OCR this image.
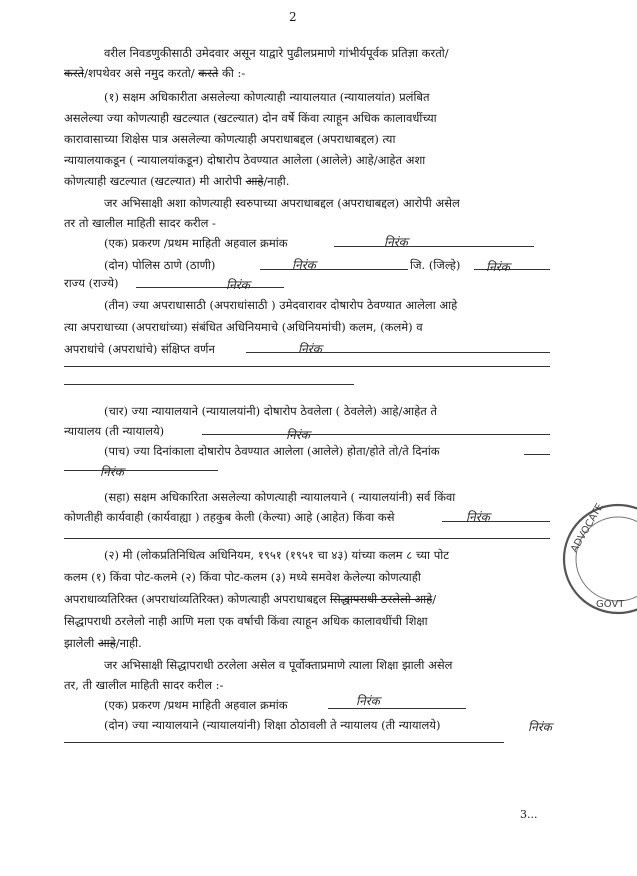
2
वरील निवडणुकीसाठी उमेदवार असून याद्वारे पुढीलप्रमाणे गांभीर्यपूर्वक प्रतिज्ञा करतो/
करते/शपथेवर असे नमुद करतो/ करते की :-
(१) सक्षम अधिकारीता असलेल्या कोणत्याही न्यायालयात (न्यायालयांत) प्रलंबित
असलेल्या ज्या कोणत्याही खटल्यात (खटल्यात) दोन वर्षे किंवा त्याहून अधिक कालावधींच्या
कारावासाच्या शिक्षेस पात्र असलेल्या कोणत्याही अपराधाबद्दल (अपराधाबद्दल) त्या
न्यायालयाकडून ( न्यायालयांकडून) दोषारोप ठेवण्यात आलेला (आलेले) आहे/आहेत अशा
कोणत्याही खटल्यात (खटल्यात) मी आरोपी आहे/नाही.
जर अभिसाक्षी अशा कोणत्याही स्वरुपाच्या अपराधाबद्दल (अपराधाबद्दल) आरोपी असेल
तर तो खालील माहिती सादर करील -
(एक) प्रकरण /प्रथम माहिती अहवाल क्रमांक	निरंक
(दोन) पोलिस ठाणे (ठाणी)	निरंक	जि. (जिल्हे) निरंक
राज्य (राज्ये)	निरंक
(तीन) ज्या अपराधासाठी (अपराधांसाठी ) उमेदवारावर दोषारोप ठेवण्यात आलेला आहे
त्या अपराधाच्या (अपराधांच्या) संबंधित अधिनियमाचे (अधिनियमांची) कलम, (कलमे) व
अपराधांचे (अपराधांचे) संक्षिप्त वर्णन	निरंक
(चार) ज्या न्यायालयाने (न्यायालयांनी) दोषारोप ठेवलेला ( ठेवलेले) आहे/आहेत ते
न्यायालय (ती न्यायालये)	निरंक
(पाच) ज्या दिनांकाला दोषारोप ठेवण्यात आलेला (आलेले) होता/होते तो/ते दिनांक
निरंक
(सहा) सक्षम अधिकारिता असलेल्या कोणत्याही न्यायालयाने ( न्यायालयांनी) सर्व किंवा
कोणतीही कार्यवाही (कार्यवाह्या ) तहकुब केली (केल्या) आहे (आहेत) किंवा कसे	निरंक
(२) मी (लोकप्रतिनिधित्व अधिनियम, १९५१ (१९५१ चा ४३) यांच्या कलम ८ च्या पोट
कलम (१) किंवा पोट-कलमे (२) किंवा पोट-कलम (३) मध्ये समवेश केलेल्या कोणत्याही
अपराधाव्यतिरिक्त (अपराधांव्यतिरिक्त) कोणत्याही अपराधाबद्दल सिद्धापराधी ठरलेलो आहे/
सिद्धापराधी ठरलेलो नाही आणि मला एक वर्षाची किंवा त्याहून अधिक कालावधींची शिक्षा
झालेली आहे/नाही.
जर अभिसाक्षी सिद्धापराधी ठरलेला असेल व पूर्वोक्ताप्रमाणे त्याला शिक्षा झाली असेल
तर, ती खालील माहिती सादर करील :-
(एक) प्रकरण /प्रथम माहिती अहवाल क्रमांक	निरंक
(दोन) ज्या न्यायालयाने (न्यायालयांनी) शिक्षा ठोठावली ते न्यायालय (ती न्यायालये)	निरंक
3...
ADVOCATE
GOVT
